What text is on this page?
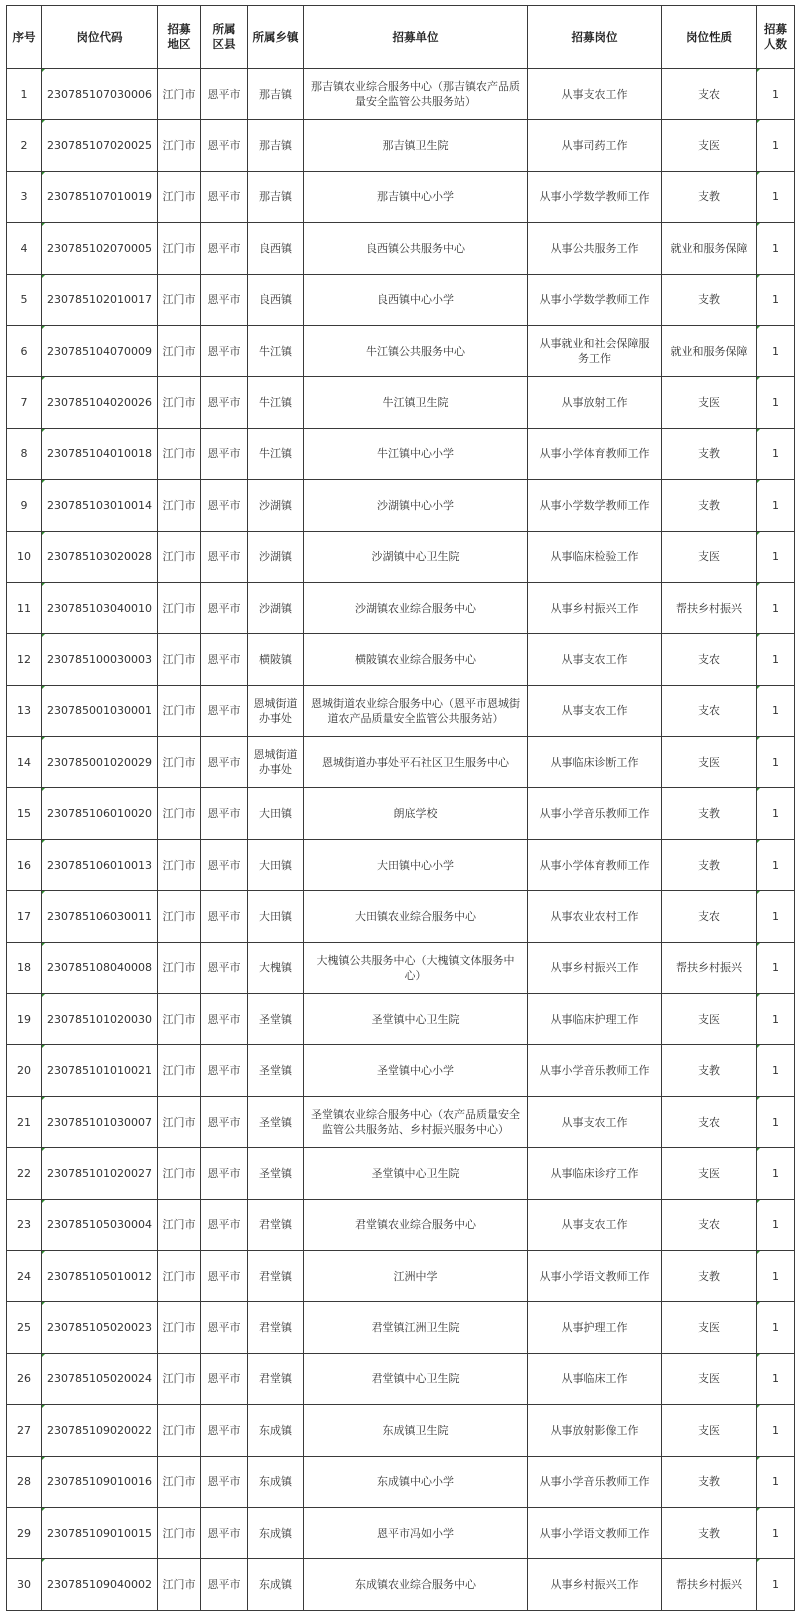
序号	岗位代码	招募地区	所属区县	所属乡镇	招募单位	招募岗位	岗位性质	招募人数
1	230785107030006	江门市	恩平市	那吉镇	那吉镇农业综合服务中心（那吉镇农产品质量安全监管公共服务站）	从事支农工作	支农	1
2	230785107020025	江门市	恩平市	那吉镇	那吉镇卫生院	从事司药工作	支医	1
3	230785107010019	江门市	恩平市	那吉镇	那吉镇中心小学	从事小学数学教师工作	支教	1
4	230785102070005	江门市	恩平市	良西镇	良西镇公共服务中心	从事公共服务工作	就业和服务保障	1
5	230785102010017	江门市	恩平市	良西镇	良西镇中心小学	从事小学数学教师工作	支教	1
6	230785104070009	江门市	恩平市	牛江镇	牛江镇公共服务中心	从事就业和社会保障服务工作	就业和服务保障	1
7	230785104020026	江门市	恩平市	牛江镇	牛江镇卫生院	从事放射工作	支医	1
8	230785104010018	江门市	恩平市	牛江镇	牛江镇中心小学	从事小学体育教师工作	支教	1
9	230785103010014	江门市	恩平市	沙湖镇	沙湖镇中心小学	从事小学数学教师工作	支教	1
10	230785103020028	江门市	恩平市	沙湖镇	沙湖镇中心卫生院	从事临床检验工作	支医	1
11	230785103040010	江门市	恩平市	沙湖镇	沙湖镇农业综合服务中心	从事乡村振兴工作	帮扶乡村振兴	1
12	230785100030003	江门市	恩平市	横陂镇	横陂镇农业综合服务中心	从事支农工作	支农	1
13	230785001030001	江门市	恩平市	恩城街道办事处	恩城街道农业综合服务中心（恩平市恩城街道农产品质量安全监管公共服务站）	从事支农工作	支农	1
14	230785001020029	江门市	恩平市	恩城街道办事处	恩城街道办事处平石社区卫生服务中心	从事临床诊断工作	支医	1
15	230785106010020	江门市	恩平市	大田镇	朗底学校	从事小学音乐教师工作	支教	1
16	230785106010013	江门市	恩平市	大田镇	大田镇中心小学	从事小学体育教师工作	支教	1
17	230785106030011	江门市	恩平市	大田镇	大田镇农业综合服务中心	从事农业农村工作	支农	1
18	230785108040008	江门市	恩平市	大槐镇	大槐镇公共服务中心（大槐镇文体服务中心）	从事乡村振兴工作	帮扶乡村振兴	1
19	230785101020030	江门市	恩平市	圣堂镇	圣堂镇中心卫生院	从事临床护理工作	支医	1
20	230785101010021	江门市	恩平市	圣堂镇	圣堂镇中心小学	从事小学音乐教师工作	支教	1
21	230785101030007	江门市	恩平市	圣堂镇	圣堂镇农业综合服务中心（农产品质量安全监管公共服务站、乡村振兴服务中心）	从事支农工作	支农	1
22	230785101020027	江门市	恩平市	圣堂镇	圣堂镇中心卫生院	从事临床诊疗工作	支医	1
23	230785105030004	江门市	恩平市	君堂镇	君堂镇农业综合服务中心	从事支农工作	支农	1
24	230785105010012	江门市	恩平市	君堂镇	江洲中学	从事小学语文教师工作	支教	1
25	230785105020023	江门市	恩平市	君堂镇	君堂镇江洲卫生院	从事护理工作	支医	1
26	230785105020024	江门市	恩平市	君堂镇	君堂镇中心卫生院	从事临床工作	支医	1
27	230785109020022	江门市	恩平市	东成镇	东成镇卫生院	从事放射影像工作	支医	1
28	230785109010016	江门市	恩平市	东成镇	东成镇中心小学	从事小学音乐教师工作	支教	1
29	230785109010015	江门市	恩平市	东成镇	恩平市冯如小学	从事小学语文教师工作	支教	1
30	230785109040002	江门市	恩平市	东成镇	东成镇农业综合服务中心	从事乡村振兴工作	帮扶乡村振兴	1
